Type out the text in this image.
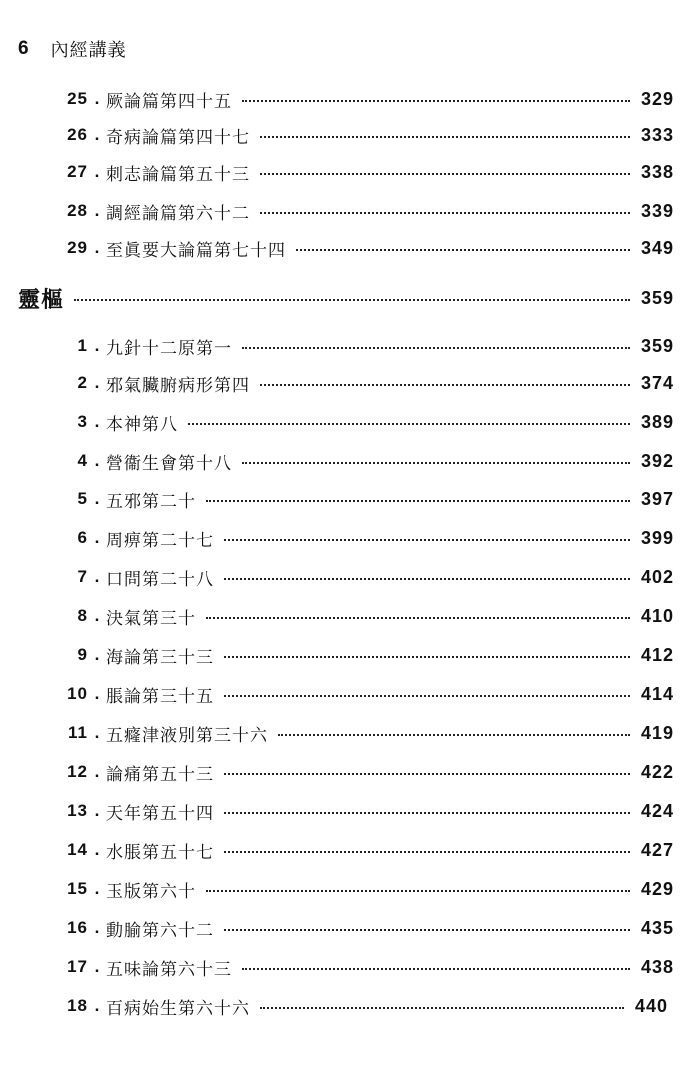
6 內經講義
25 . 厥論篇第四十五	329
26 . 奇病論篇第四十七	333
27 . 刺志論篇第五十三	338
28 . 調經論篇第六十二	339
29 . 至眞要大論篇第七十四	349
靈樞	359
1 . 九針十二原第一	359
2 . 邪氣臟腑病形第四	374
3 . 本神第八	389
4 . 營衞生會第十八	392
5 . 五邪第二十	397
6 . 周痹第二十七	399
7 . 口問第二十八	402
8 . 決氣第三十	410
9 . 海論第三十三	412
10 . 脹論第三十五	414
11 . 五癃津液別第三十六	419
12 . 論痛第五十三	422
13 . 天年第五十四	424
14 . 水脹第五十七	427
15 . 玉版第六十	429
16 . 動腧第六十二	435
17 . 五味論第六十三	438
18 . 百病始生第六十六	440
